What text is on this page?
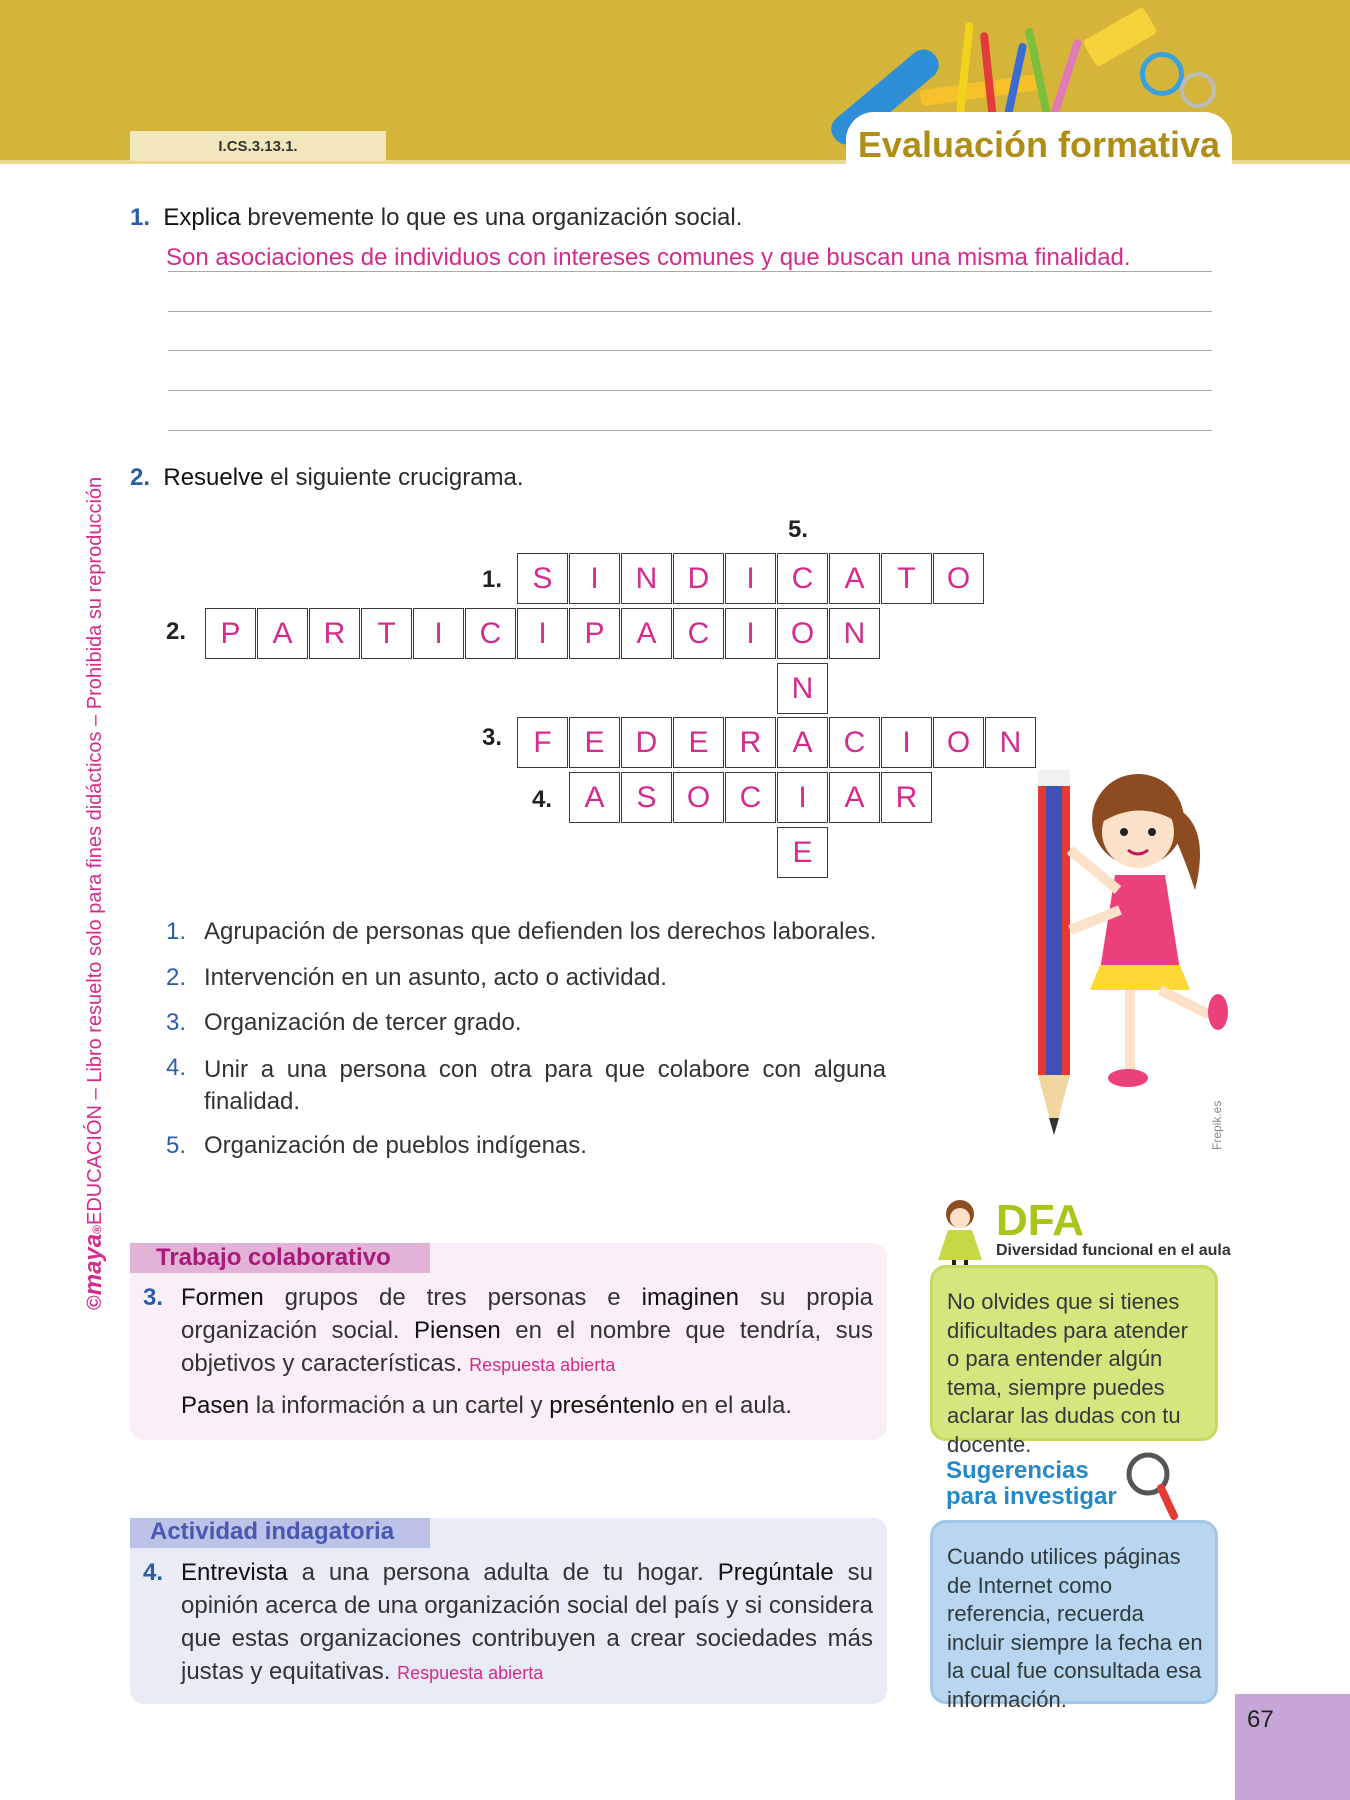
I.CS.3.13.1.	Evaluación formativa
©maya®EDUCACIÓN – Libro resuelto solo para fines didácticos – Prohibida su reproducción
1. Explica brevemente lo que es una organización social.
Son asociaciones de individuos con intereses comunes y que buscan una misma finalidad.
2. Resuelve el siguiente crucigrama.
5.
1.
2.
3.
4.
S	I	N	D	I	C	A	T	O
P	A	R	T	I	C	I	P	A	C	I	O N
N
E
F	E	D	E	R	A	C	I	O N
A	S	O C	I	A	R
1. Agrupación de personas que defienden los derechos laborales.
2. Intervención en un asunto, acto o actividad.
3. Organización de tercer grado.
4. Unir a una persona con otra para que colabore con alguna finalidad.
5. Organización de pueblos indígenas.	Frepik.es
Trabajo colaborativo
3. Formen grupos de tres personas e imaginen su propia organización social. Piensen en el nombre que tendría, sus objetivos y características. Respuesta abierta
Pasen la información a un cartel y preséntenlo en el aula.
Actividad indagatoria
4. Entrevista a una persona adulta de tu hogar. Pregúntale su opinión acerca de una organización social del país y si considera que estas organizaciones contribuyen a crear sociedades más justas y equitativas. Respuesta abierta
DFA
Diversidad funcional en el aula
No olvides que si tienes dificultades para atender o para entender algún tema, siempre puedes aclarar las dudas con tu docente.
Sugerencias
para investigar
Cuando utilices páginas de Internet como referencia, recuerda incluir siempre la fecha en la cual fue consultada esa información.
67
